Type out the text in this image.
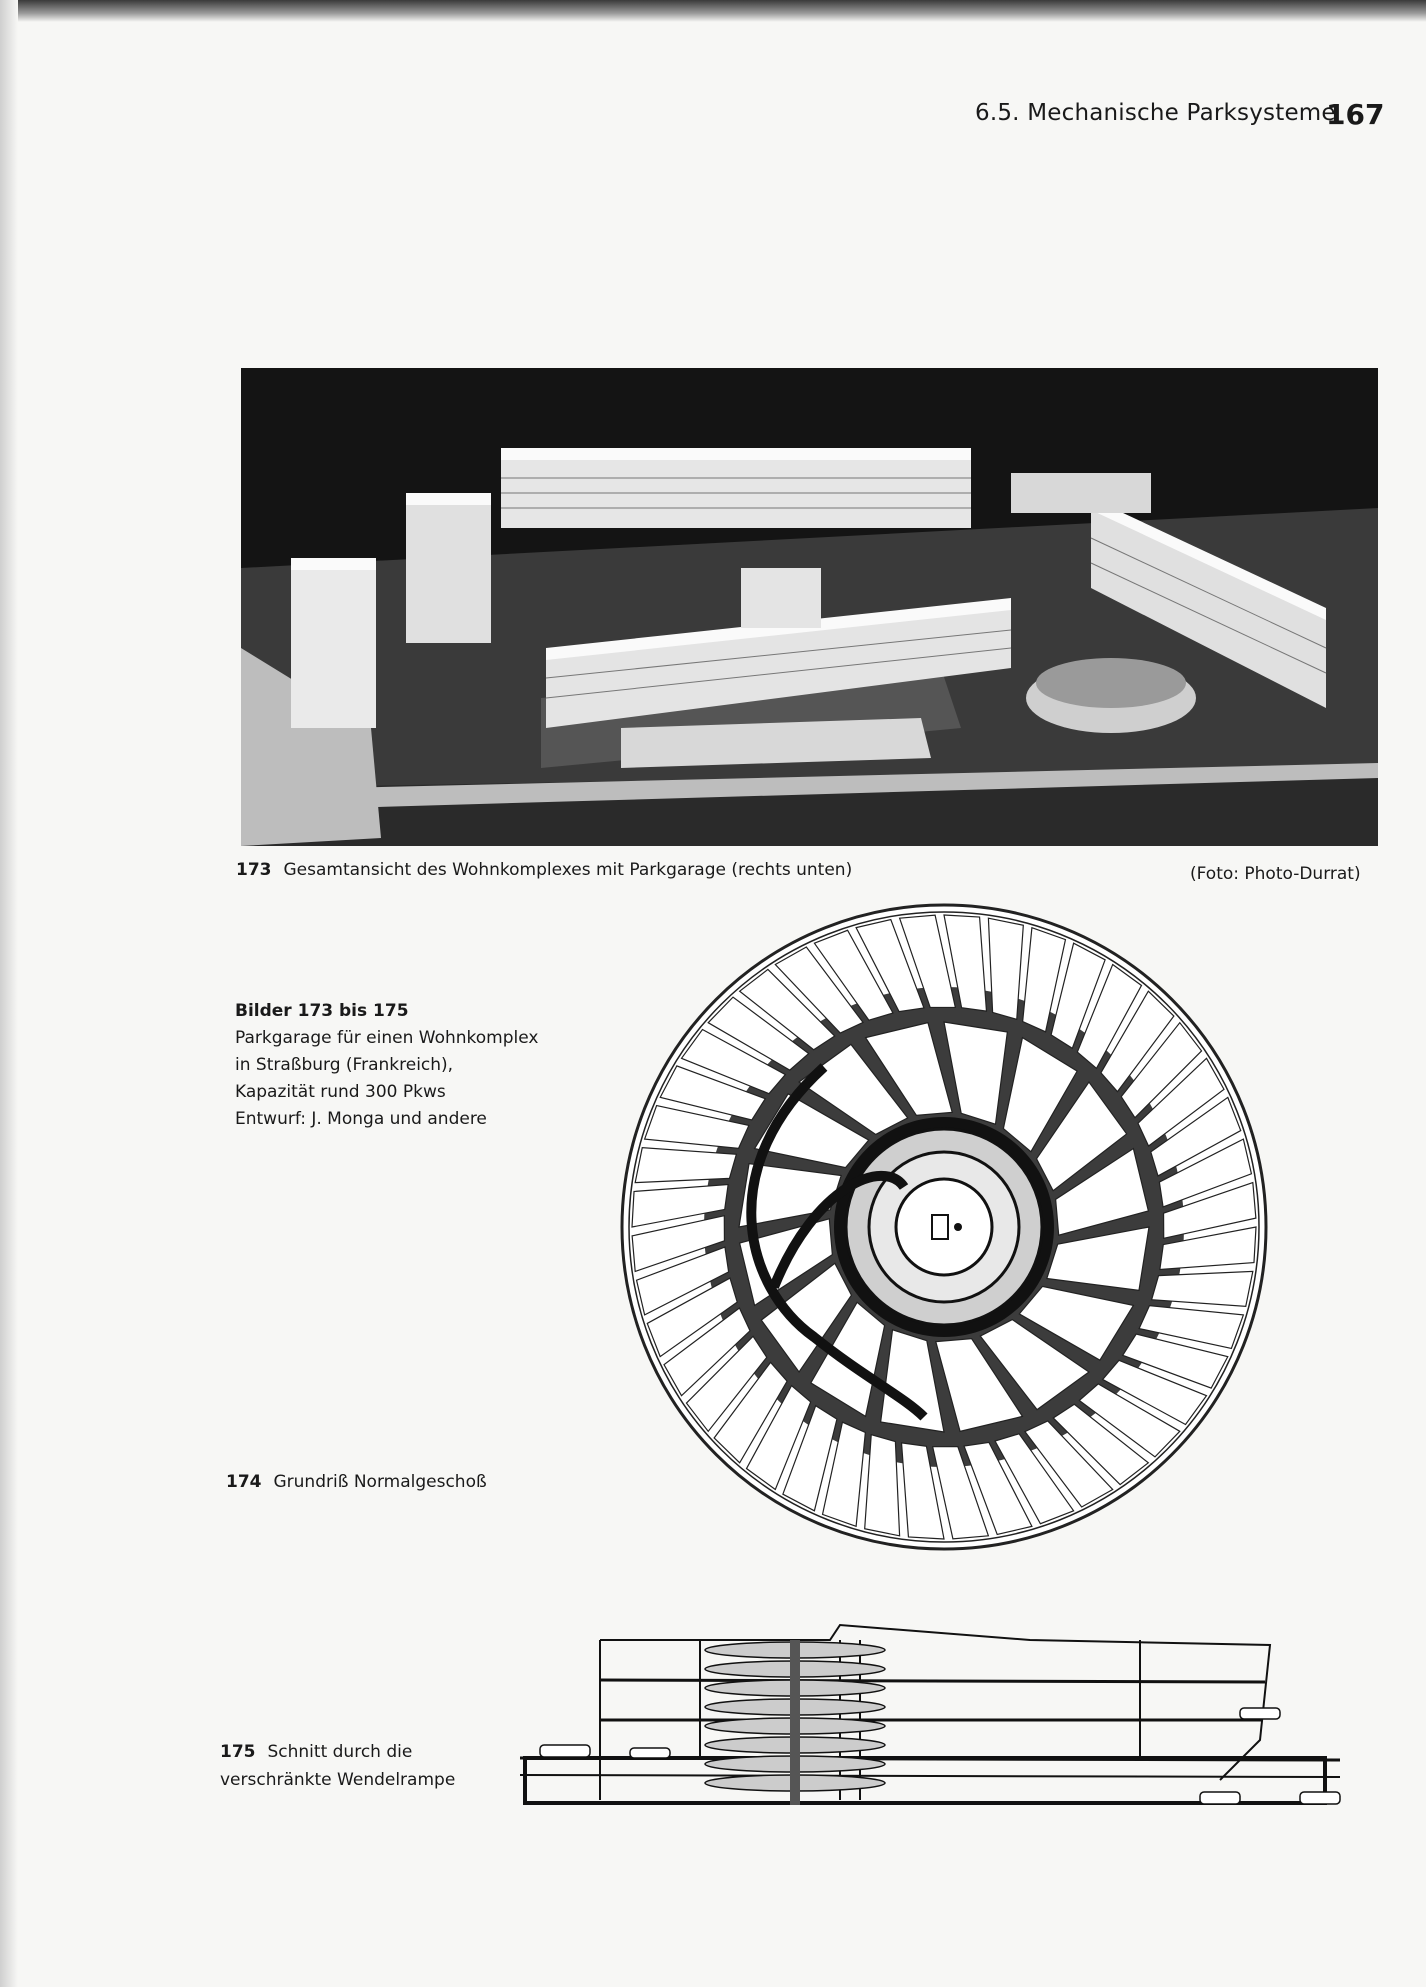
6.5. Mechanische Parksysteme
167
173 Gesamtansicht des Wohnkomplexes mit Parkgarage (rechts unten)	(Foto: Photo-Durrat)
Bilder 173 bis 175
Parkgarage für einen Wohnkomplex
in Straßburg (Frankreich),
Kapazität rund 300 Pkws
Entwurf: J. Monga und andere
174 Grundriß Normalgeschoß
175 Schnitt durch die
verschränkte Wendelrampe
